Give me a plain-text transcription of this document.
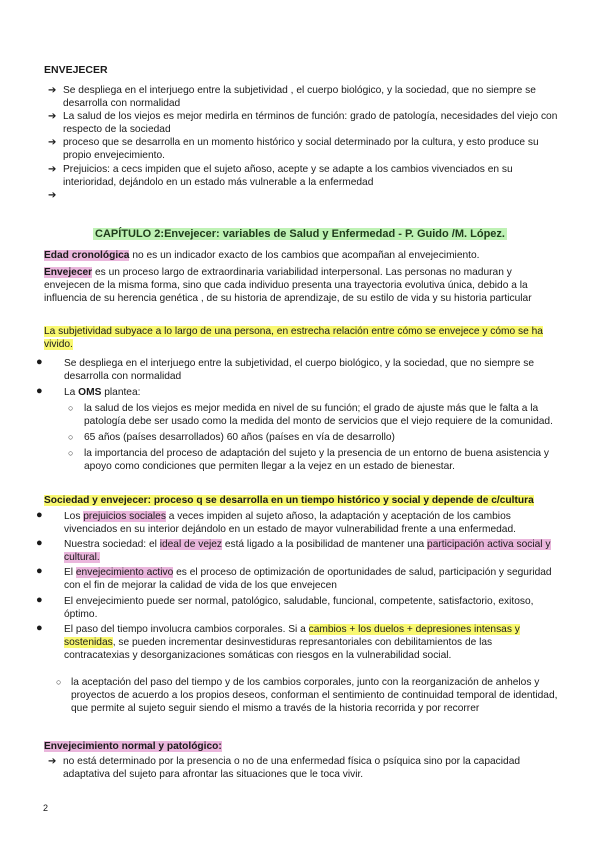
ENVEJECER
➔ Se despliega en el interjuego entre la subjetividad , el cuerpo biológico, y la sociedad, que no siempre se desarrolla con normalidad
➔ La salud de los viejos es mejor medirla en términos de función: grado de patología, necesidades del viejo con respecto de la sociedad
➔ proceso que se desarrolla en un momento histórico y social determinado por la cultura, y esto produce su propio envejecimiento.
➔ Prejuicios: a cecs impiden que el sujeto añoso, acepte y se adapte a los cambios vivenciados en su interioridad, dejándolo en un estado más vulnerable a la enfermedad
➔
CAPÍTULO 2:Envejecer: variables de Salud y Enfermedad - P. Guido /M. López.
Edad cronológica no es un indicador exacto de los cambios que acompañan al envejecimiento.
Envejecer es un proceso largo de extraordinaria variabilidad interpersonal. Las personas no maduran y envejecen de la misma forma, sino que cada individuo presenta una trayectoria evolutiva única, debido a la influencia de su herencia genética , de su historia de aprendizaje, de su estilo de vida y su historia particular
La subjetividad subyace a lo largo de una persona, en estrecha relación entre cómo se envejece y cómo se ha vivido.
● Se despliega en el interjuego entre la subjetividad, el cuerpo biológico, y la sociedad, que no siempre se desarrolla con normalidad
● La OMS plantea:
○ la salud de los viejos es mejor medida en nivel de su función; el grado de ajuste más que le falta a la patología debe ser usado como la medida del monto de servicios que el viejo requiere de la comunidad.
○ 65 años (países desarrollados) 60 años (países en vía de desarrollo)
○ la importancia del proceso de adaptación del sujeto y la presencia de un entorno de buena asistencia y apoyo como condiciones que permiten llegar a la vejez en un estado de bienestar.
Sociedad y envejecer: proceso q se desarrolla en un tiempo histórico y social y depende de c/cultura
● Los prejuicios sociales a veces impiden al sujeto añoso, la adaptación y aceptación de los cambios vivenciados en su interior dejándolo en un estado de mayor vulnerabilidad frente a una enfermedad.
● Nuestra sociedad: el ideal de vejez está ligado a la posibilidad de mantener una participación activa social y cultural.
● El envejecimiento activo es el proceso de optimización de oportunidades de salud, participación y seguridad con el fin de mejorar la calidad de vida de los que envejecen
● El envejecimiento puede ser normal, patológico, saludable, funcional, competente, satisfactorio, exitoso, óptimo.
● El paso del tiempo involucra cambios corporales. Si a cambios + los duelos + depresiones intensas y sostenidas, se pueden incrementar desinvestiduras represantoriales con debilitamientos de las contracatexias y desorganizaciones somáticas con riesgos en la vulnerabilidad social.
○ la aceptación del paso del tiempo y de los cambios corporales, junto con la reorganización de anhelos y proyectos de acuerdo a los propios deseos, conforman el sentimiento de continuidad temporal de identidad, que permite al sujeto seguir siendo el mismo a través de la historia recorrida y por recorrer
Envejecimiento normal y patológico:
➔ no está determinado por la presencia o no de una enfermedad física o psíquica sino por la capacidad adaptativa del sujeto para afrontar las situaciones que le toca vivir.
2
